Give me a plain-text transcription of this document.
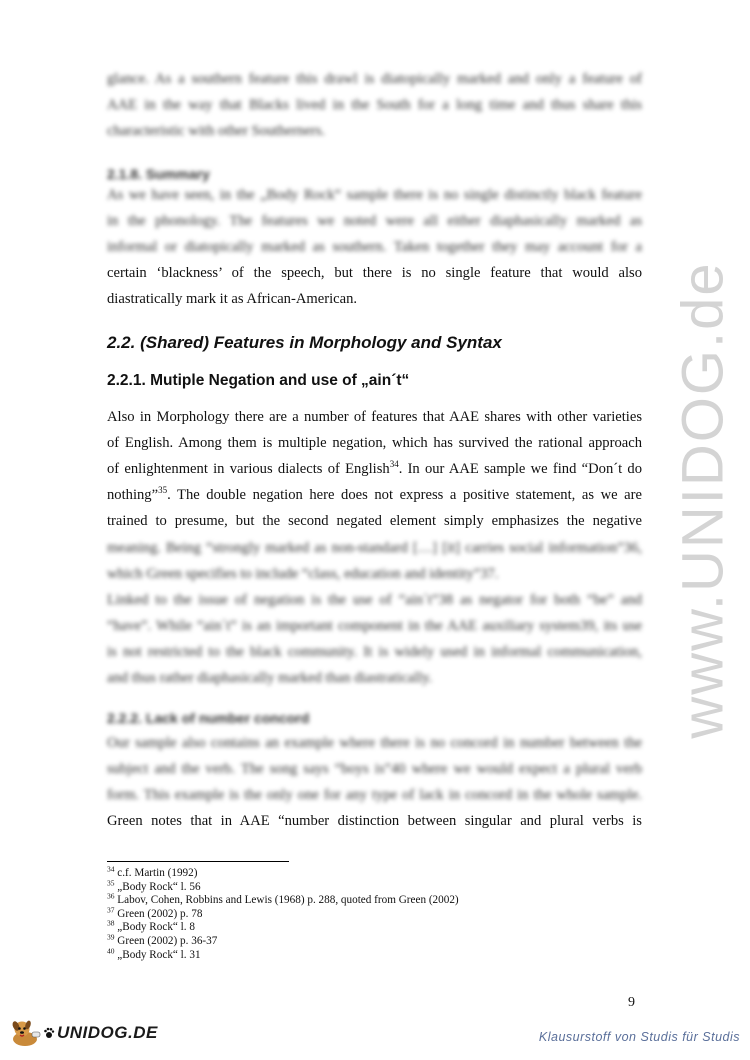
www.UNIDOG.de
glance. As a southern feature this drawl is diatopically marked and only a feature of
AAE in the way that Blacks lived in the South for a long time and thus share this
characteristic with other Southerners.
2.1.8. Summary
As we have seen, in the „Body Rock“ sample there is no single distinctly black feature
in the phonology. The features we noted were all either diaphasically marked as
informal or diatopically marked as southern. Taken together they may account for a
certain ‘blackness’ of the speech, but there is no single feature that would also
diastratically mark it as African-American.
2.2. (Shared) Features in Morphology and Syntax
2.2.1. Mutiple Negation and use of „ain´t“
Also in Morphology there are a number of features that AAE shares with other varieties
of English. Among them is multiple negation, which has survived the rational approach
of enlightenment in various dialects of English$^{34}$. In our AAE sample we find “Don´t do
nothing”$^{35}$. The double negation here does not express a positive statement, as we are
trained to presume, but the second negated element simply emphasizes the negative
meaning. Being “strongly marked as non-standard […] [it] carries social information”36,
which Green specifies to include “class, education and identity”37.
Linked to the issue of negation is the use of “ain´t”38 as negator for both “be” and
“have”. While “ain´t” is an important component in the AAE auxiliary system39, its use
is not restricted to the black community. It is widely used in informal communication,
and thus rather diaphasically marked than diastratically.
2.2.2. Lack of number concord
Our sample also contains an example where there is no concord in number between the
subject and the verb. The song says “boys is”40 where we would expect a plural verb
form. This example is the only one for any type of lack in concord in the whole sample.
Green notes that in AAE “number distinction between singular and plural verbs is
$^{34}$ c.f. Martin (1992)
$^{35}$ „Body Rock“ l. 56
$^{36}$ Labov, Cohen, Robbins and Lewis (1968) p. 288, quoted from Green (2002)
$^{37}$ Green (2002) p. 78
$^{38}$ „Body Rock“ l. 8
$^{39}$ Green (2002) p. 36-37
$^{40}$ „Body Rock“ l. 31
9
UNIDOG.DE	Klausurstoff von Studis für Studis
